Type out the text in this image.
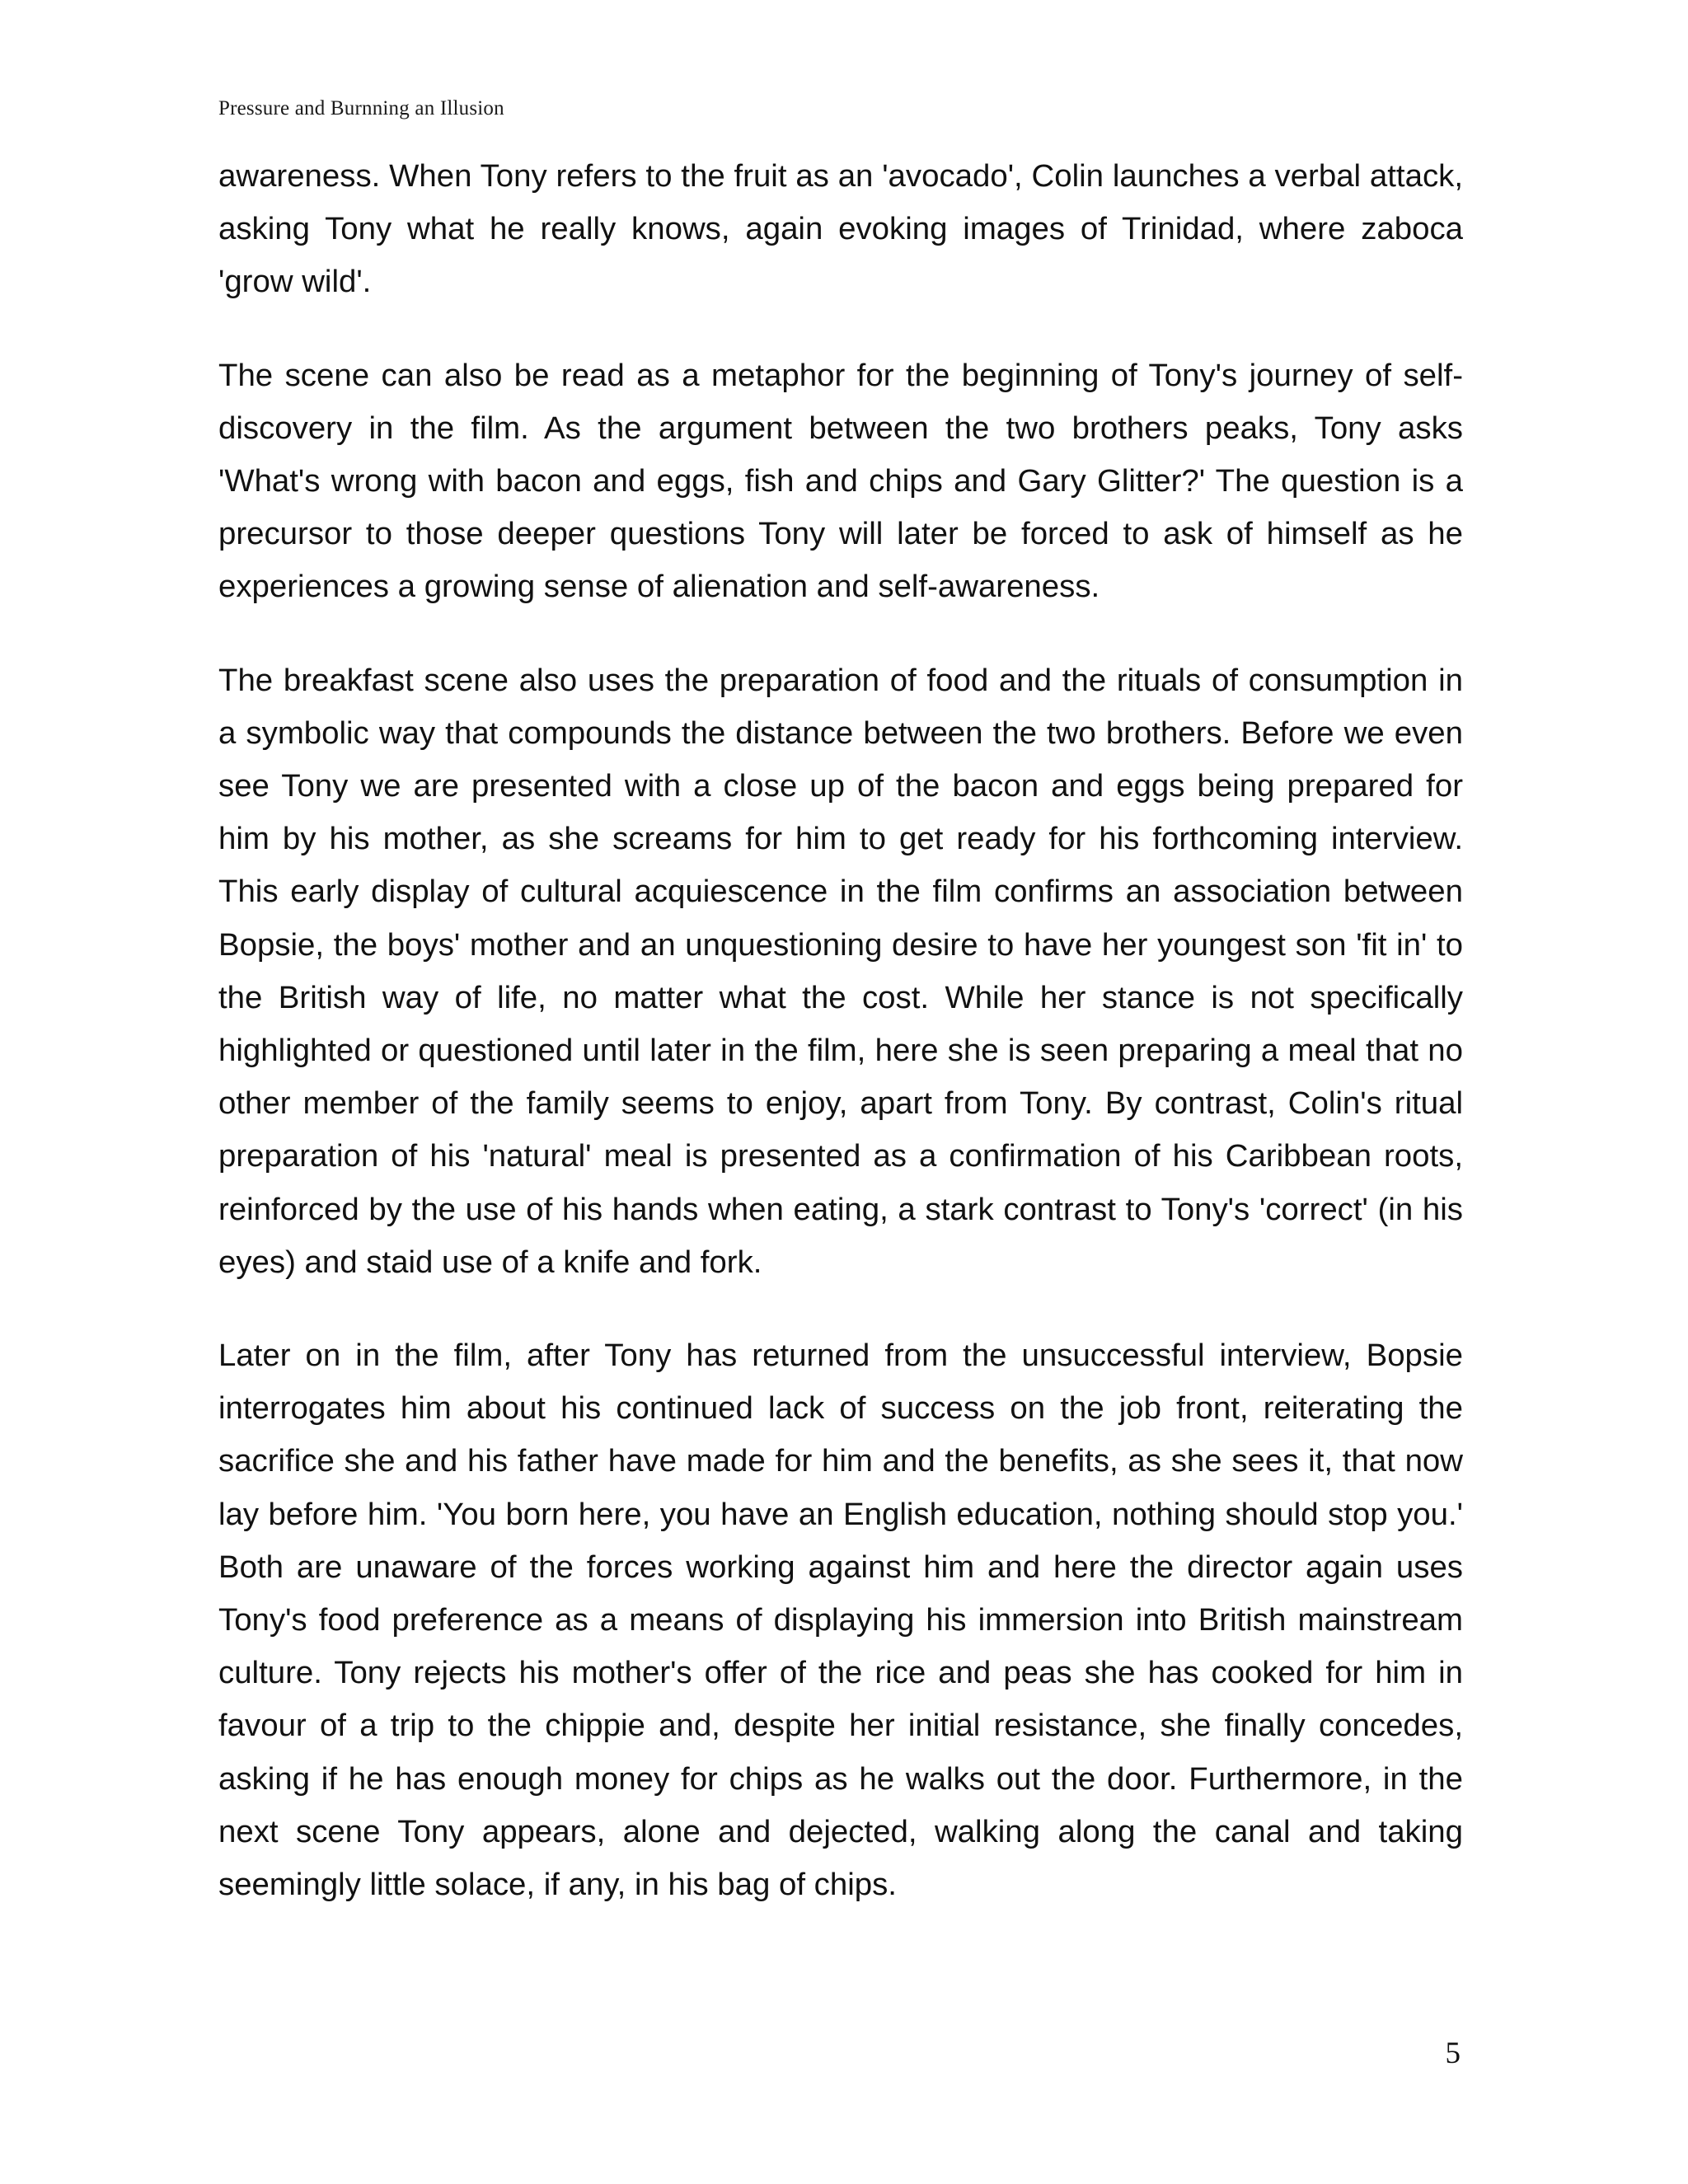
Pressure and Burnning an Illusion

awareness. When Tony refers to the fruit as an 'avocado', Colin launches a verbal attack, asking Tony what he really knows, again evoking images of Trinidad, where zaboca 'grow wild'.

The scene can also be read as a metaphor for the beginning of Tony's journey of self-discovery in the film. As the argument between the two brothers peaks, Tony asks 'What's wrong with bacon and eggs, fish and chips and Gary Glitter?' The question is a precursor to those deeper questions Tony will later be forced to ask of himself as he experiences a growing sense of alienation and self-awareness.

The breakfast scene also uses the preparation of food and the rituals of consumption in a symbolic way that compounds the distance between the two brothers. Before we even see Tony we are presented with a close up of the bacon and eggs being prepared for him by his mother, as she screams for him to get ready for his forthcoming interview. This early display of cultural acquiescence in the film confirms an association between Bopsie, the boys' mother and an unquestioning desire to have her youngest son 'fit in' to the British way of life, no matter what the cost. While her stance is not specifically highlighted or questioned until later in the film, here she is seen preparing a meal that no other member of the family seems to enjoy, apart from Tony. By contrast, Colin's ritual preparation of his 'natural' meal is presented as a confirmation of his Caribbean roots, reinforced by the use of his hands when eating, a stark contrast to Tony's 'correct' (in his eyes) and staid use of a knife and fork.

Later on in the film, after Tony has returned from the unsuccessful interview, Bopsie interrogates him about his continued lack of success on the job front, reiterating the sacrifice she and his father have made for him and the benefits, as she sees it, that now lay before him. 'You born here, you have an English education, nothing should stop you.' Both are unaware of the forces working against him and here the director again uses Tony's food preference as a means of displaying his immersion into British mainstream culture. Tony rejects his mother's offer of the rice and peas she has cooked for him in favour of a trip to the chippie and, despite her initial resistance, she finally concedes, asking if he has enough money for chips as he walks out the door. Furthermore, in the next scene Tony appears, alone and dejected, walking along the canal and taking seemingly little solace, if any, in his bag of chips.

5
